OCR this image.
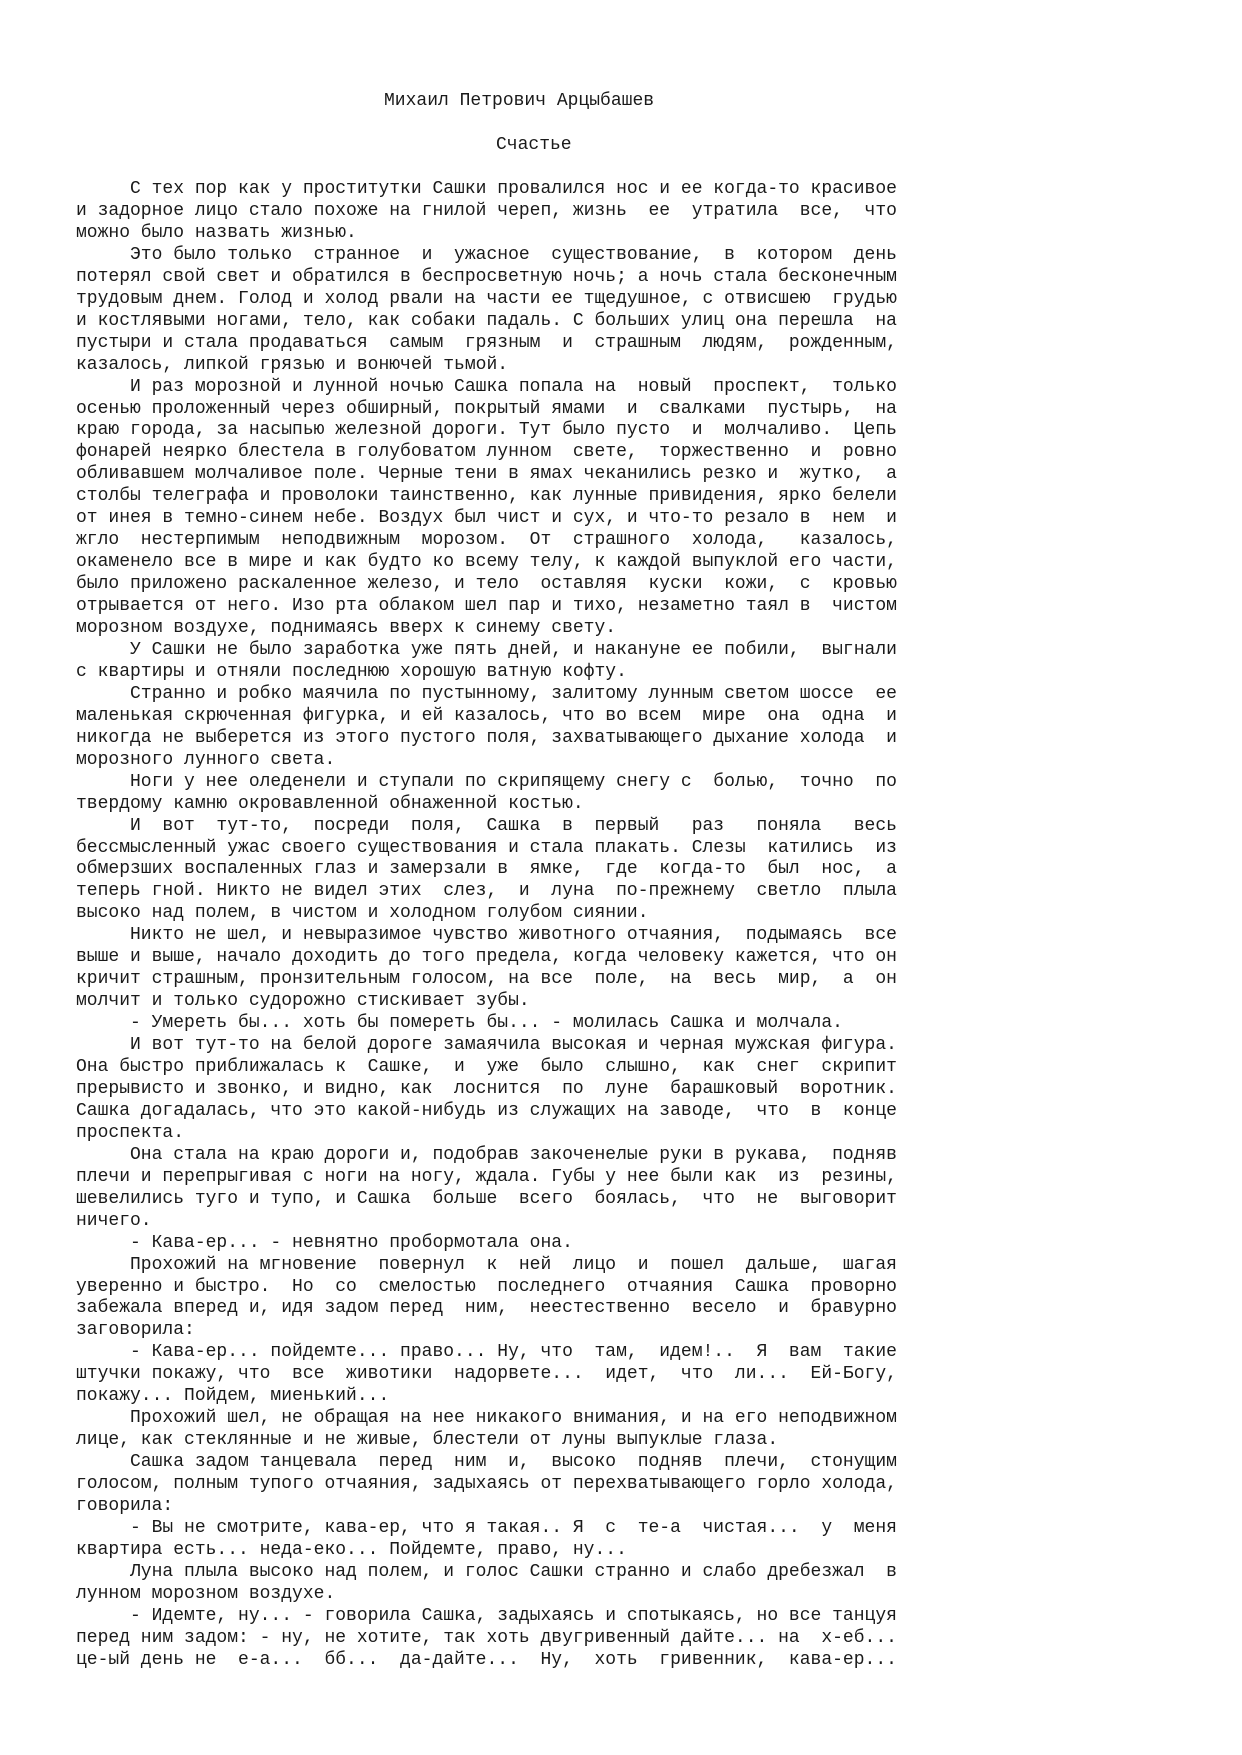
Михаил Петрович Арцыбашев

Счастье

С тех пор как у проститутки Сашки провалился нос и ее когда-то красивое

и задорное лицо стало похоже на гнилой череп, жизнь  ее  утратила  все,  что

можно было назвать жизнью.

Это было только  странное  и  ужасное  существование,  в  котором  день

потерял свой свет и обратился в беспросветную ночь; а ночь стала бесконечным

трудовым днем. Голод и холод рвали на части ее тщедушное, с отвисшею  грудью

и костлявыми ногами, тело, как собаки падаль. С больших улиц она перешла  на

пустыри и стала продаваться  самым  грязным  и  страшным  людям,  рожденным,

казалось, липкой грязью и вонючей тьмой.

И раз морозной и лунной ночью Сашка попала на  новый  проспект,  только

осенью проложенный через обширный, покрытый ямами  и  свалками  пустырь,  на

краю города, за насыпью железной дороги. Тут было пусто  и  молчаливо.  Цепь

фонарей неярко блестела в голубоватом лунном  свете,  торжественно  и  ровно

обливавшем молчаливое поле. Черные тени в ямах чеканились резко и  жутко,  а

столбы телеграфа и проволоки таинственно, как лунные привидения, ярко белели

от инея в темно-синем небе. Воздух был чист и сух, и что-то резало в  нем  и

жгло  нестерпимым  неподвижным  морозом.  От  страшного  холода,   казалось,

окаменело все в мире и как будто ко всему телу, к каждой выпуклой его части,

было приложено раскаленное железо, и тело  оставляя  куски  кожи,  с  кровью

отрывается от него. Изо рта облаком шел пар и тихо, незаметно таял в  чистом

морозном воздухе, поднимаясь вверх к синему свету.

У Сашки не было заработка уже пять дней, и накануне ее побили,  выгнали

с квартиры и отняли последнюю хорошую ватную кофту.

Странно и робко маячила по пустынному, залитому лунным светом шоссе  ее

маленькая скрюченная фигурка, и ей казалось, что во всем  мире  она  одна  и

никогда не выберется из этого пустого поля, захватывающего дыхание холода  и

морозного лунного света.

Ноги у нее оледенели и ступали по скрипящему снегу с  болью,  точно  по

твердому камню окровавленной обнаженной костью.

И  вот  тут-то,  посреди  поля,  Сашка  в  первый   раз   поняла   весь

бессмысленный ужас своего существования и стала плакать. Слезы  катились  из

обмерзших воспаленных глаз и замерзали в  ямке,  где  когда-то  был  нос,  а

теперь гной. Никто не видел этих  слез,  и  луна  по-прежнему  светло  плыла

высоко над полем, в чистом и холодном голубом сиянии.

Никто не шел, и невыразимое чувство животного отчаяния,  подымаясь  все

выше и выше, начало доходить до того предела, когда человеку кажется, что он

кричит страшным, пронзительным голосом, на все  поле,  на  весь  мир,  а  он

молчит и только судорожно стискивает зубы.

- Умереть бы... хоть бы помереть бы... - молилась Сашка и молчала.

И вот тут-то на белой дороге замаячила высокая и черная мужская фигура.

Она быстро приближалась к  Сашке,  и  уже  было  слышно,  как  снег  скрипит

прерывисто и звонко, и видно, как  лоснится  по  луне  барашковый  воротник.

Сашка догадалась, что это какой-нибудь из служащих на заводе,  что  в  конце

проспекта.

Она стала на краю дороги и, подобрав закоченелые руки в рукава,  подняв

плечи и перепрыгивая с ноги на ногу, ждала. Губы у нее были как  из  резины,

шевелились туго и тупо, и Сашка  больше  всего  боялась,  что  не  выговорит

ничего.

- Кава-ер... - невнятно пробормотала она.

Прохожий на мгновение  повернул  к  ней  лицо  и  пошел  дальше,  шагая

уверенно и быстро.  Но  со  смелостью  последнего  отчаяния  Сашка  проворно

забежала вперед и, идя задом перед  ним,  неестественно  весело  и  бравурно

заговорила:

- Кава-ер... пойдемте... право... Ну, что  там,  идем!..  Я  вам  такие

штучки покажу, что  все  животики  надорвете...  идет,  что  ли...  Ей-Богу,

покажу... Пойдем, миенький...

Прохожий шел, не обращая на нее никакого внимания, и на его неподвижном

лице, как стеклянные и не живые, блестели от луны выпуклые глаза.

Сашка задом танцевала  перед  ним  и,  высоко  подняв  плечи,  стонущим

голосом, полным тупого отчаяния, задыхаясь от перехватывающего горло холода,

говорила:

- Вы не смотрите, кава-ер, что я такая.. Я  с  те-а  чистая...  у  меня

квартира есть... неда-еко... Пойдемте, право, ну...

Луна плыла высоко над полем, и голос Сашки странно и слабо дребезжал  в

лунном морозном воздухе.

- Идемте, ну... - говорила Сашка, задыхаясь и спотыкаясь, но все танцуя

перед ним задом: - ну, не хотите, так хоть двугривенный дайте... на  х-еб...

це-ый день не  е-а...  бб...  да-дайте...  Ну,  хоть  гривенник,  кава-ер...
